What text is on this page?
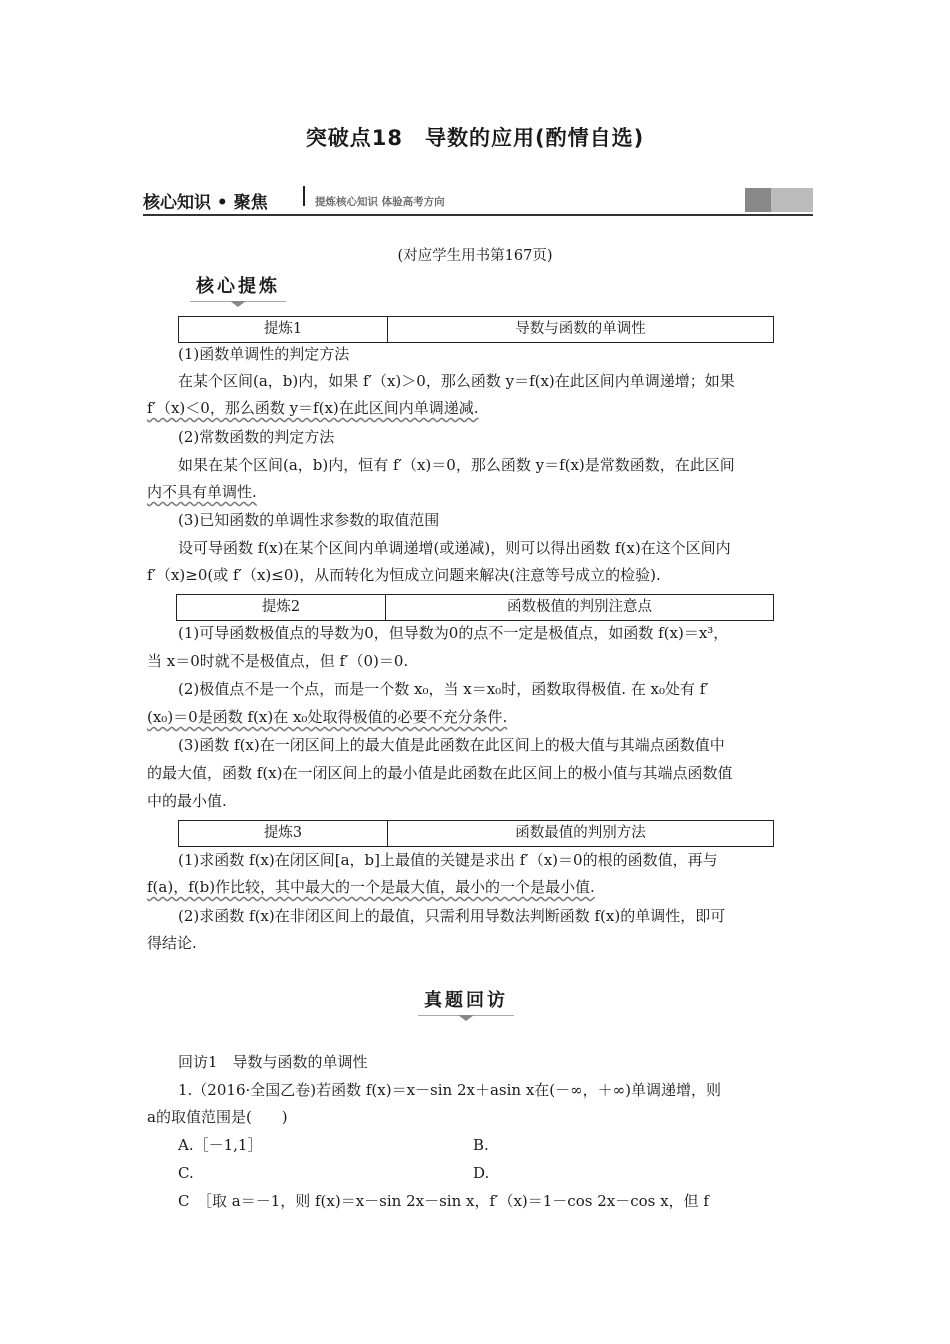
突破点18　导数的应用(酌情自选)
核心知识 • 聚焦	提炼核心知识 体验高考方向
(对应学生用书第167页)
核心提炼
提炼1	导数与函数的单调性
(1)函数单调性的判定方法
在某个区间(a，b)内，如果 f′（x)＞0，那么函数 y＝f(x)在此区间内单调递增；如果
f′（x)＜0，那么函数 y＝f(x)在此区间内单调递减.
(2)常数函数的判定方法
如果在某个区间(a，b)内，恒有 f′（x)＝0，那么函数 y＝f(x)是常数函数，在此区间
内不具有单调性.
(3)已知函数的单调性求参数的取值范围
设可导函数 f(x)在某个区间内单调递增(或递减)，则可以得出函数 f(x)在这个区间内
f′（x)≥0(或 f′（x)≤0)，从而转化为恒成立问题来解决(注意等号成立的检验).
提炼2	函数极值的判别注意点
(1)可导函数极值点的导数为0，但导数为0的点不一定是极值点，如函数 f(x)＝x³，
当 x＝0时就不是极值点，但 f′（0)＝0.
(2)极值点不是一个点，而是一个数 x₀，当 x＝x₀时，函数取得极值. 在 x₀处有 f′
(x₀)＝0是函数 f(x)在 x₀处取得极值的必要不充分条件.
(3)函数 f(x)在一闭区间上的最大值是此函数在此区间上的极大值与其端点函数值中
的最大值，函数 f(x)在一闭区间上的最小值是此函数在此区间上的极小值与其端点函数值
中的最小值.
提炼3	函数最值的判别方法
(1)求函数 f(x)在闭区间[a，b]上最值的关键是求出 f′（x)＝0的根的函数值，再与
f(a)，f(b)作比较，其中最大的一个是最大值，最小的一个是最小值.
(2)求函数 f(x)在非闭区间上的最值，只需利用导数法判断函数 f(x)的单调性，即可
得结论.
真题回访
回访1　导数与函数的单调性
1.（2016·全国乙卷)若函数 f(x)＝x－sin 2x＋asin x在(－∞，＋∞)单调递增，则
a的取值范围是(　　)
A.［－1,1］	B.
C.	D.
C　［取 a＝－1，则 f(x)＝x－sin 2x－sin x，f′（x)＝1－cos 2x－cos x，但 f
